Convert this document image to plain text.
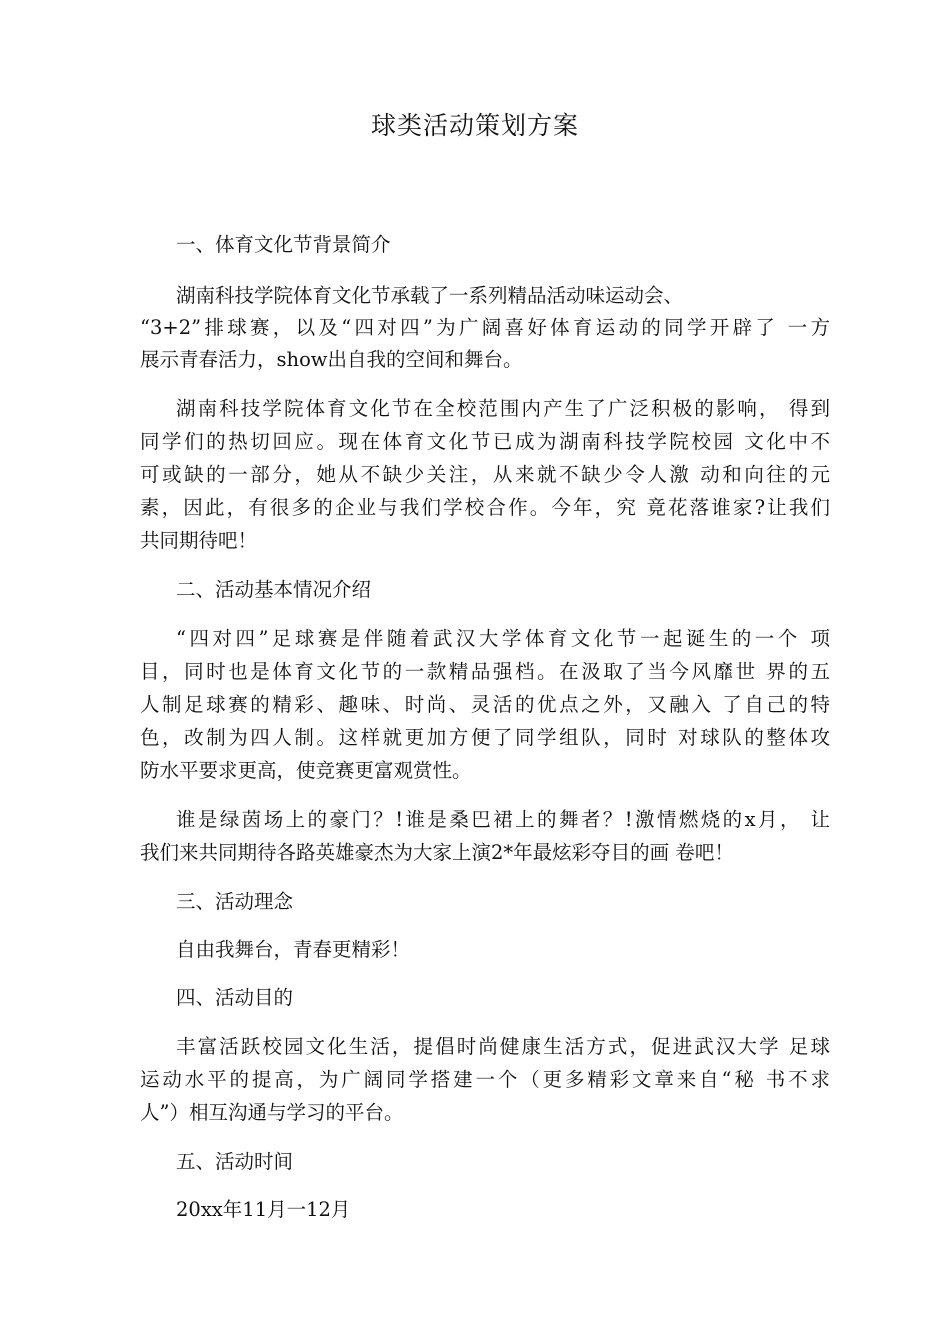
球类活动策划方案
一、体育文化节背景简介
湖南科技学院体育文化节承载了一系列精品活动味运动会、
“3+2”排球赛，以及“四对四”为广阔喜好体育运动的同学开辟了 一方
展示青春活力，show出自我的空间和舞台。
湖南科技学院体育文化节在全校范围内产生了广泛积极的影响， 得到
同学们的热切回应。现在体育文化节已成为湖南科技学院校园 文化中不
可或缺的一部分，她从不缺少关注，从来就不缺少令人激 动和向往的元
素，因此，有很多的企业与我们学校合作。今年，究 竟花落谁家?让我们
共同期待吧！
二、活动基本情况介绍
“四对四”足球赛是伴随着武汉大学体育文化节一起诞生的一个 项
目，同时也是体育文化节的一款精品强档。在汲取了当今风靡世 界的五
人制足球赛的精彩、趣味、时尚、灵活的优点之外，又融入 了自己的特
色，改制为四人制。这样就更加方便了同学组队，同时 对球队的整体攻
防水平要求更高，使竞赛更富观赏性。
谁是绿茵场上的豪门？!谁是桑巴裙上的舞者？!激情燃烧的x月， 让
我们来共同期待各路英雄豪杰为大家上演2*年最炫彩夺目的画 卷吧！
三、活动理念
自由我舞台，青春更精彩！
四、活动目的
丰富活跃校园文化生活，提倡时尚健康生活方式，促进武汉大学 足球
运动水平的提高，为广阔同学搭建一个（更多精彩文章来自“秘 书不求
人”）相互沟通与学习的平台。
五、活动时间
20xx年11月一12月
